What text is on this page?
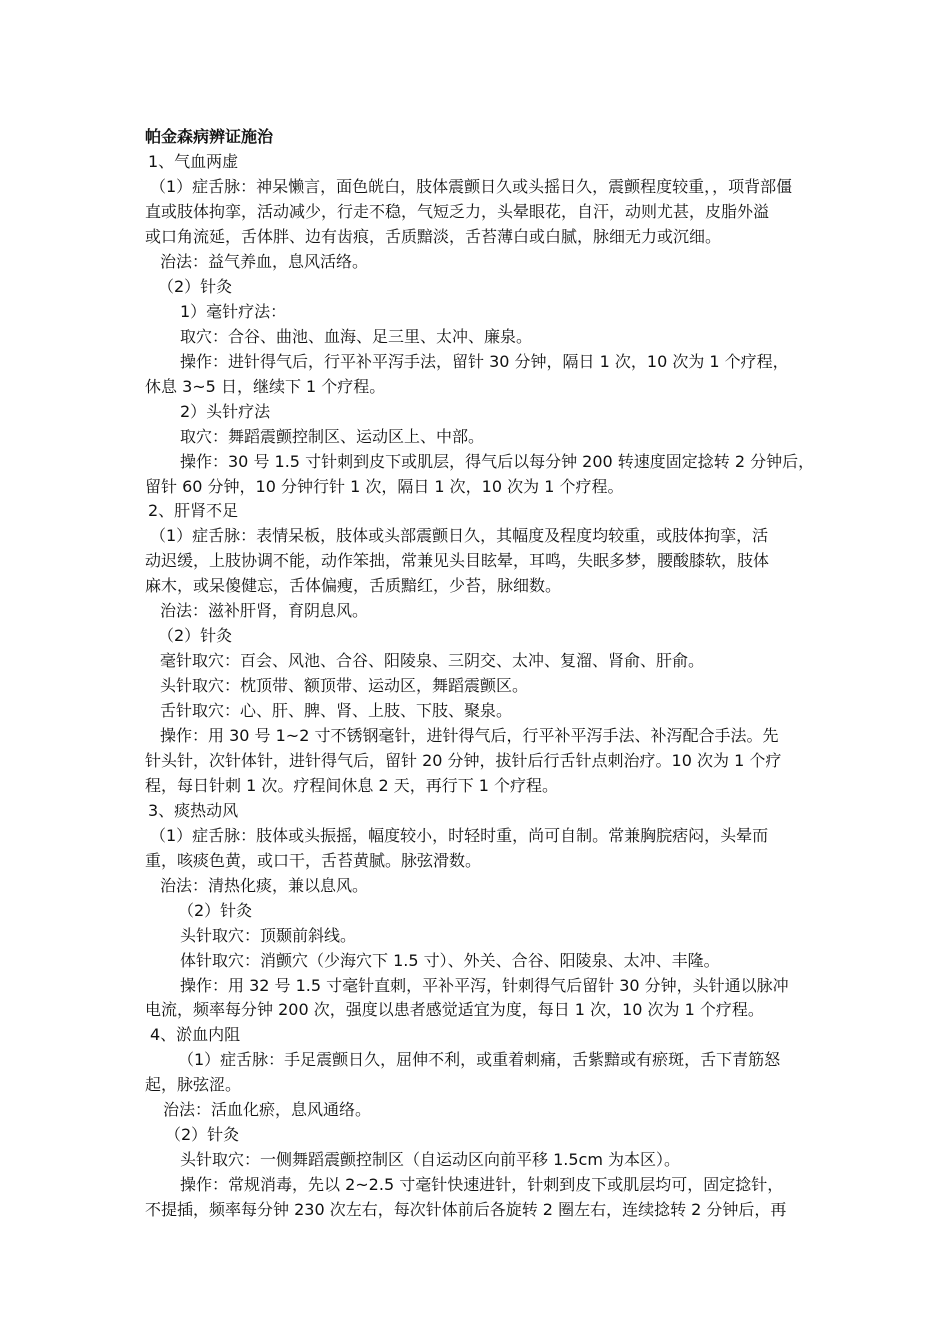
帕金森病辨证施治
1、气血两虚
（1）症舌脉：神呆懒言，面色㿠白，肢体震颤日久或头摇日久，震颤程度较重，，项背部僵
直或肢体拘挛，活动减少，行走不稳，气短乏力，头晕眼花，自汗，动则尤甚，皮脂外溢
或口角流延，舌体胖、边有齿痕，舌质黯淡，舌苔薄白或白腻，脉细无力或沉细。
治法：益气养血，息风活络。
（2）针灸
1）毫针疗法：
取穴：合谷、曲池、血海、足三里、太冲、廉泉。
操作：进针得气后，行平补平泻手法，留针 30 分钟，隔日 1 次，10 次为 1 个疗程，
休息 3~5 日，继续下 1 个疗程。
2）头针疗法
取穴：舞蹈震颤控制区、运动区上、中部。
操作：30 号 1.5 寸针刺到皮下或肌层，得气后以每分钟 200 转速度固定捻转 2 分钟后，
留针 60 分钟，10 分钟行针 1 次，隔日 1 次，10 次为 1 个疗程。
2、肝肾不足
（1）症舌脉：表情呆板，肢体或头部震颤日久，其幅度及程度均较重，或肢体拘挛，活
动迟缓，上肢协调不能，动作笨拙，常兼见头目眩晕，耳鸣，失眠多梦，腰酸膝软，肢体
麻木，或呆傻健忘，舌体偏瘦，舌质黯红，少苔，脉细数。
治法：滋补肝肾，育阴息风。
（2）针灸
毫针取穴：百会、风池、合谷、阳陵泉、三阴交、太冲、复溜、肾俞、肝俞。
头针取穴：枕顶带、额顶带、运动区，舞蹈震颤区。
舌针取穴：心、肝、脾、肾、上肢、下肢、聚泉。
操作：用 30 号 1~2 寸不锈钢毫针，进针得气后，行平补平泻手法、补泻配合手法。先
针头针，次针体针，进针得气后，留针 20 分钟，拔针后行舌针点刺治疗。10 次为 1 个疗
程，每日针刺 1 次。疗程间休息 2 天，再行下 1 个疗程。
3、痰热动风
（1）症舌脉：肢体或头振摇，幅度较小，时轻时重，尚可自制。常兼胸脘痞闷，头晕而
重，咳痰色黄，或口干，舌苔黄腻。脉弦滑数。
治法：清热化痰，兼以息风。
（2）针灸
头针取穴：顶颞前斜线。
体针取穴：消颤穴（少海穴下 1.5 寸）、外关、合谷、阳陵泉、太冲、丰隆。
操作：用 32 号 1.5 寸毫针直刺，平补平泻，针刺得气后留针 30 分钟，头针通以脉冲
电流，频率每分钟 200 次，强度以患者感觉适宜为度，每日 1 次，10 次为 1 个疗程。
4、淤血内阻
（1）症舌脉：手足震颤日久，屈伸不利，或重着刺痛，舌紫黯或有瘀斑，舌下青筋怒
起，脉弦涩。
治法：活血化瘀，息风通络。
（2）针灸
头针取穴：一侧舞蹈震颤控制区（自运动区向前平移 1.5cm 为本区）。
操作：常规消毒，先以 2~2.5 寸毫针快速进针，针刺到皮下或肌层均可，固定捻针，
不提插，频率每分钟 230 次左右，每次针体前后各旋转 2 圈左右，连续捻转 2 分钟后，再
